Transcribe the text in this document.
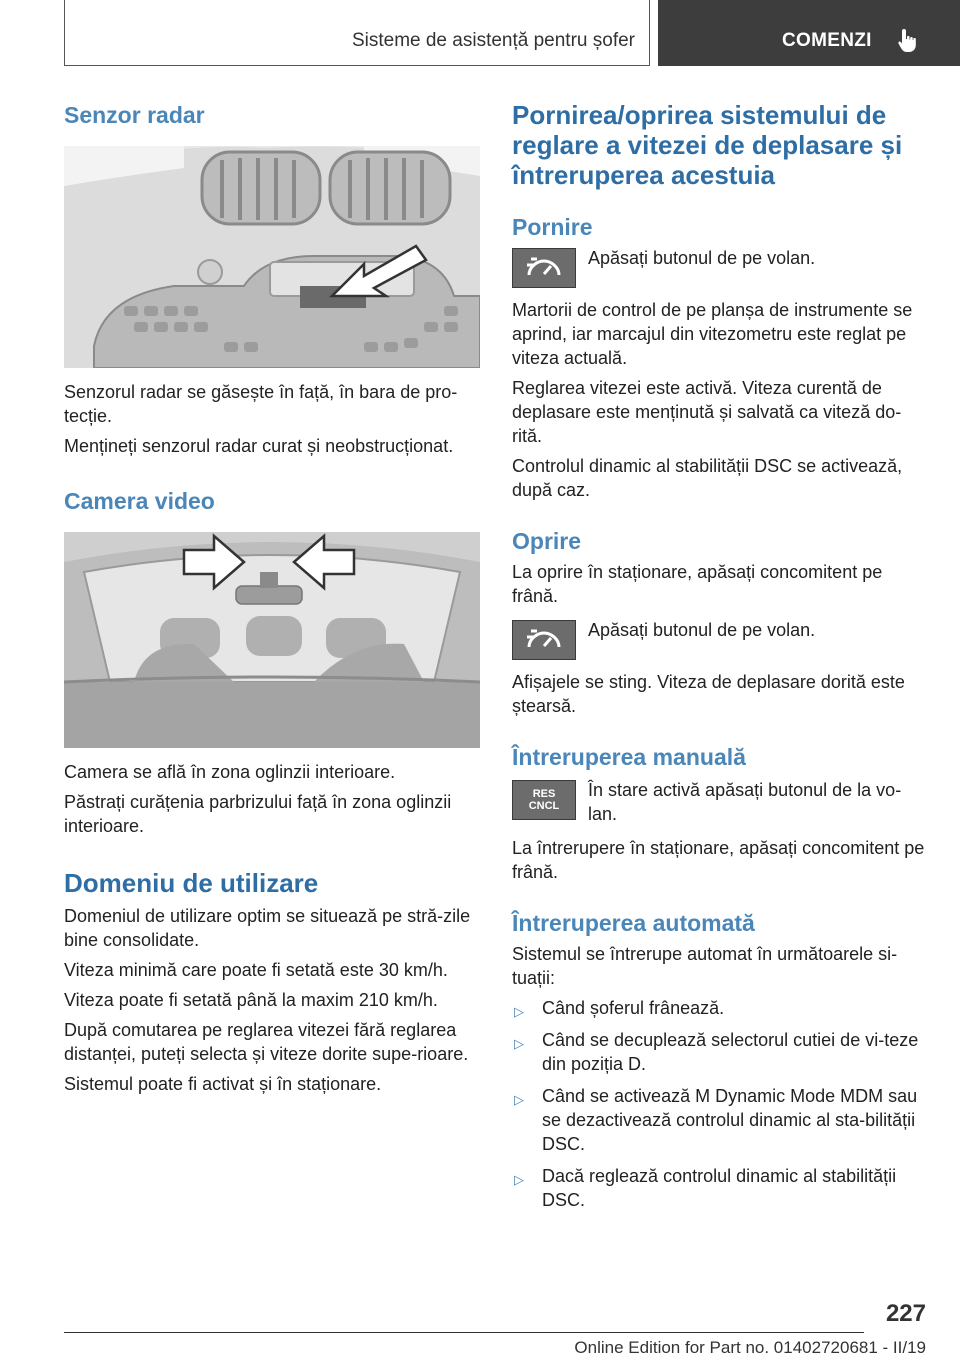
Sisteme de asistență pentru șofer	COMENZI
Senzor radar

Senzorul radar se găsește în față, în bara de pro‐tecție.

Mențineți senzorul radar curat și neobstrucționat.

Camera video

Camera se află în zona oglinzii interioare.

Păstrați curățenia parbrizului față în zona oglinzii interioare.

Domeniu de utilizare

Domeniul de utilizare optim se situează pe stră‐zile bine consolidate.

Viteza minimă care poate fi setată este 30 km/h.

Viteza poate fi setată până la maxim 210 km/h.

După comutarea pe reglarea vitezei fără reglarea distanței, puteți selecta și viteze dorite supe‐rioare.

Sistemul poate fi activat și în staționare.

Pornirea/oprirea sistemului de reglare a vitezei de deplasare și întreruperea acestuia
Pornire

Apăsați butonul de pe volan.

Martorii de control de pe planșa de instrumente se aprind, iar marcajul din vitezometru este reglat pe viteza actuală.

Reglarea vitezei este activă. Viteza curentă de deplasare este menținută și salvată ca viteză do‐rită.

Controlul dinamic al stabilității DSC se activează, după caz.

Oprire

La oprire în staționare, apăsați concomitent pe frână.

Apăsați butonul de pe volan.

Afișajele se sting. Viteza de deplasare dorită este ștearsă.

Întreruperea manuală
RES
CNCL

În stare activă apăsați butonul de la vo‐lan.

La întrerupere în staționare, apăsați concomitent pe frână.

Întreruperea automată

Sistemul se întrerupe automat în următoarele si‐tuații:

▷ Când șoferul frânează.
▷ Când se decuplează selectorul cutiei de vi‐teze din poziția D.
▷ Când se activează M Dynamic Mode MDM sau se dezactivează controlul dinamic al sta‐bilității DSC.
▷ Dacă reglează controlul dinamic al stabilității DSC.
227
Online Edition for Part no. 01402720681 - II/19
